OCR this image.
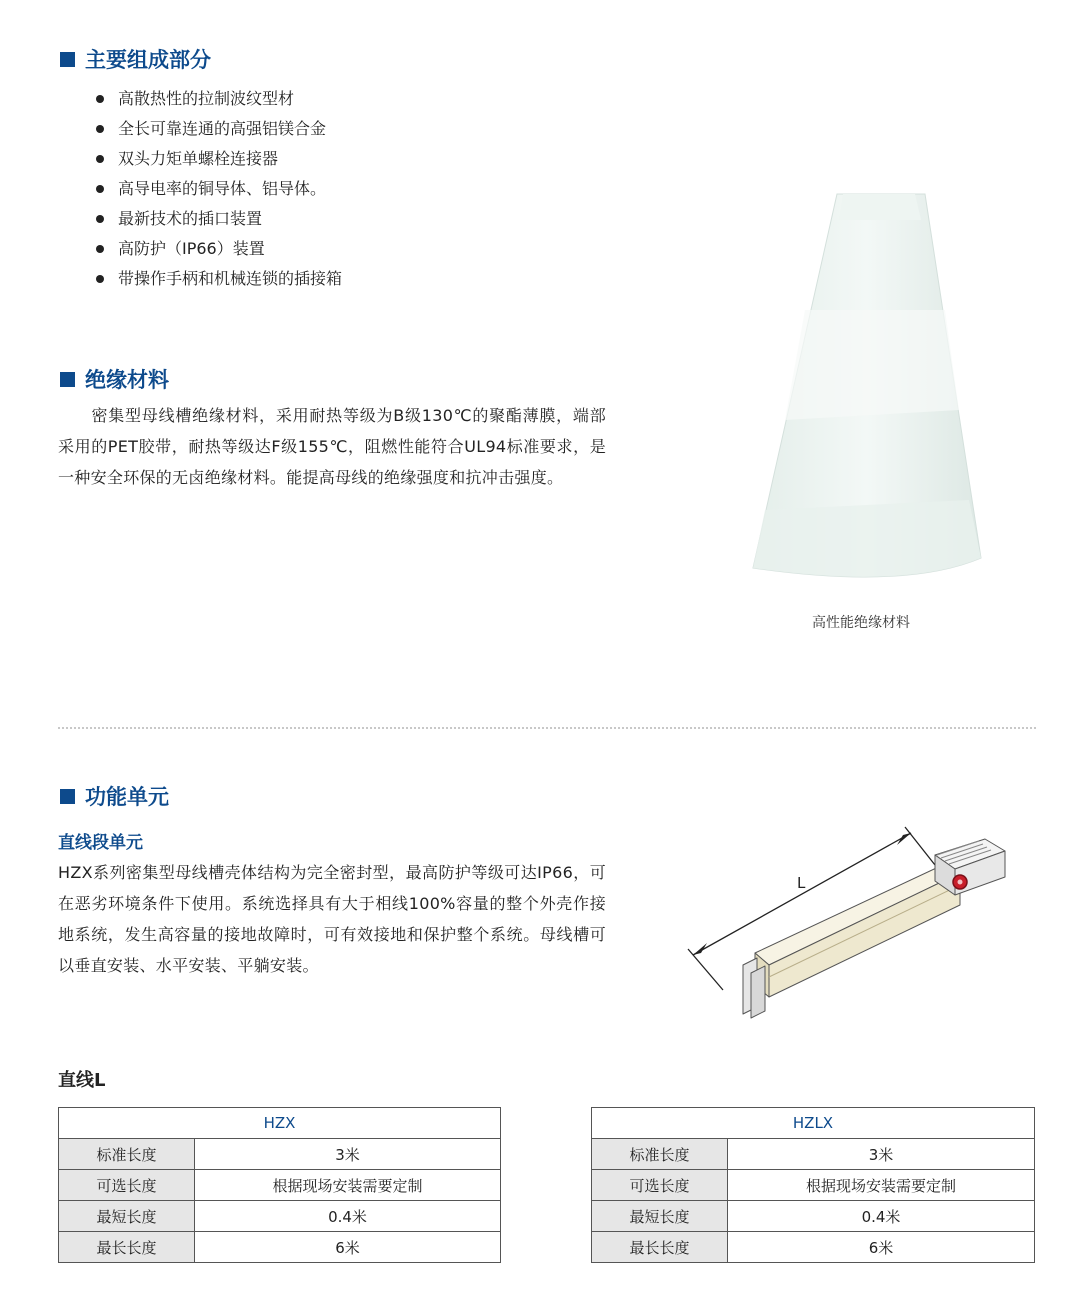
主要组成部分
高散热性的拉制波纹型材
全长可靠连通的高强铝镁合金
双头力矩单螺栓连接器
高导电率的铜导体、铝导体。
最新技术的插口装置
高防护（IP66）装置
带操作手柄和机械连锁的插接箱
绝缘材料
　　密集型母线槽绝缘材料，采用耐热等级为B级130℃的聚酯薄膜，端部采用的PET胶带，耐热等级达F级155℃，阻燃性能符合UL94标准要求，是一种安全环保的无卤绝缘材料。能提高母线的绝缘强度和抗冲击强度。
高性能绝缘材料
功能单元
直线段单元
HZX系列密集型母线槽壳体结构为完全密封型，最高防护等级可达IP66，可在恶劣环境条件下使用。系统选择具有大于相线100%容量的整个外壳作接地系统，发生高容量的接地故障时，可有效接地和保护整个系统。母线槽可以垂直安装、水平安装、平躺安装。
L
直线L
HZX	
标准长度	3米
可选长度	根据现场安装需要定制
最短长度	0.4米
最长长度	6米
HZLX	
标准长度	3米
可选长度	根据现场安装需要定制
最短长度	0.4米
最长长度	6米
